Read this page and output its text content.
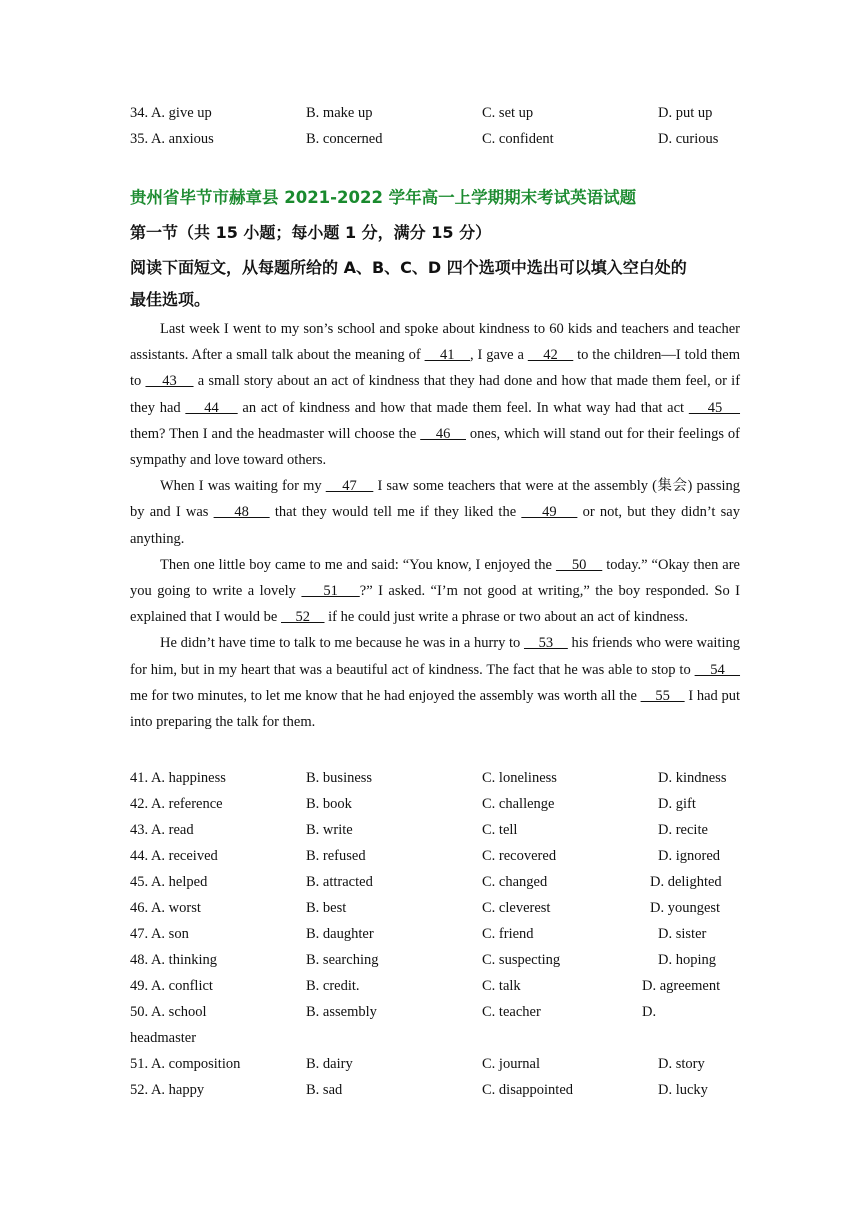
34. A. give up	B. make up	C. set up	D. put up
35. A. anxious	B. concerned	C. confident	D. curious
贵州省毕节市赫章县 2021-2022 学年高一上学期期末考试英语试题
第一节（共 15 小题；每小题 1 分，满分 15 分）
阅读下面短文，从每题所给的 A、B、C、D 四个选项中选出可以填入空白处的
最佳选项。

Last week I went to my son’s school and spoke about kindness to 60 kids and teachers and teacher assistants. After a small talk about the meaning of     41    , I gave a     42     to the children—I told them to     43     a small story about an act of kindness that they had done and how that made them feel, or if they had     44     an act of kindness and how that made them feel. In what way had that act     45     them? Then I and the headmaster will choose the     46     ones, which will stand out for their feelings of sympathy and love toward others.

When I was waiting for my     47     I saw some teachers that were at the assembly (集会) passing by and I was     48     that they would tell me if they liked the     49     or not, but they didn’t say anything.

Then one little boy came to me and said: “You know, I enjoyed the     50     today.” “Okay then are you going to write a lovely     51    ?” I asked. “I’m not good at writing,” the boy responded. So I explained that I would be     52     if he could just write a phrase or two about an act of kindness.

He didn’t have time to talk to me because he was in a hurry to     53     his friends who were waiting for him, but in my heart that was a beautiful act of kindness. The fact that he was able to stop to     54     me for two minutes, to let me know that he had enjoyed the assembly was worth all the     55     I had put into preparing the talk for them.

41. A. happiness	B. business	C. loneliness	D. kindness
42. A. reference	B. book	C. challenge	D. gift
43. A. read	B. write	C. tell	D. recite
44. A. received	B. refused	C. recovered	D. ignored
45. A. helped	B. attracted	C. changed	D. delighted
46. A. worst	B. best	C. cleverest	D. youngest
47. A. son	B. daughter	C. friend	D. sister
48. A. thinking	B. searching	C. suspecting	D. hoping
49. A. conflict	B. credit.	C. talk	D. agreement
50. A. school	B. assembly	C. teacher	D.
headmaster
51. A. composition	B. dairy	C. journal	D. story
52. A. happy	B. sad	C. disappointed	D. lucky
